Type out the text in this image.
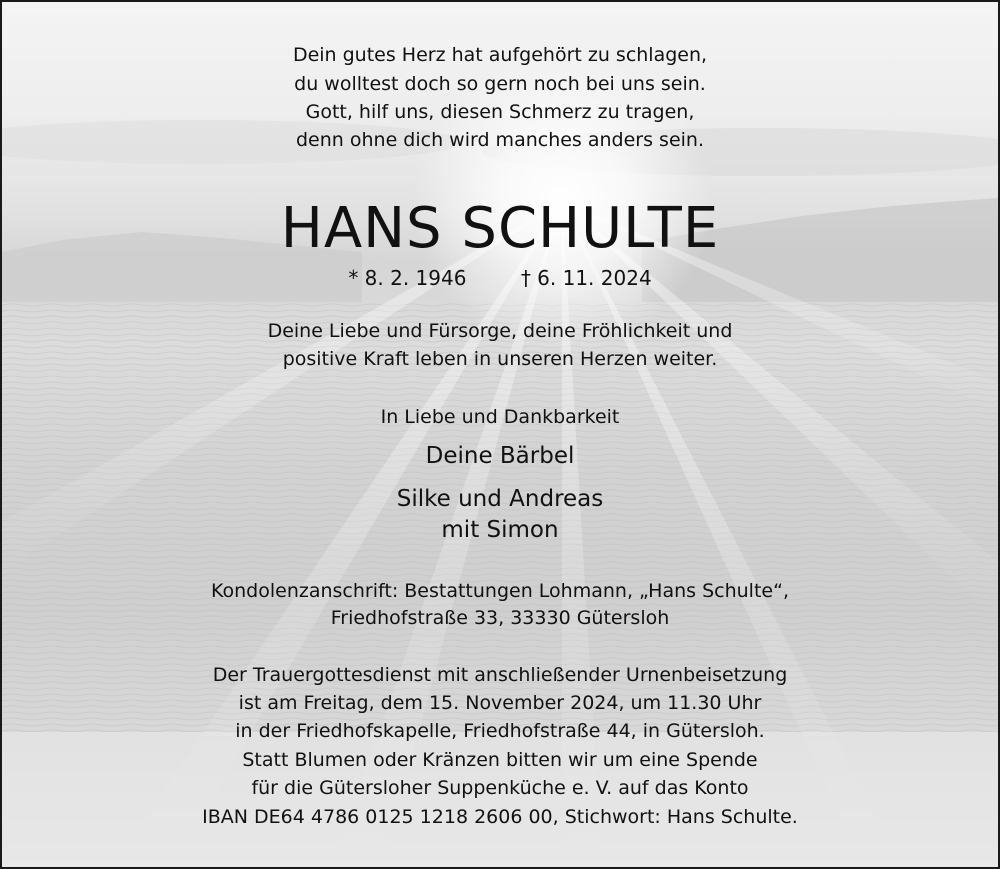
Dein gutes Herz hat aufgehört zu schlagen,
du wolltest doch so gern noch bei uns sein.
Gott, hilf uns, diesen Schmerz zu tragen,
denn ohne dich wird manches anders sein.
HANS SCHULTE
* 8. 2. 1946	† 6. 11. 2024
Deine Liebe und Fürsorge, deine Fröhlichkeit und
positive Kraft leben in unseren Herzen weiter.
In Liebe und Dankbarkeit
Deine Bärbel
Silke und Andreas
mit Simon
Kondolenzanschrift: Bestattungen Lohmann, „Hans Schulte“,
Friedhofstraße 33, 33330 Gütersloh
Der Trauergottesdienst mit anschließender Urnenbeisetzung
ist am Freitag, dem 15. November 2024, um 11.30 Uhr
in der Friedhofskapelle, Friedhofstraße 44, in Gütersloh.
Statt Blumen oder Kränzen bitten wir um eine Spende
für die Gütersloher Suppenküche e. V. auf das Konto
IBAN DE64 4786 0125 1218 2606 00, Stichwort: Hans Schulte.
